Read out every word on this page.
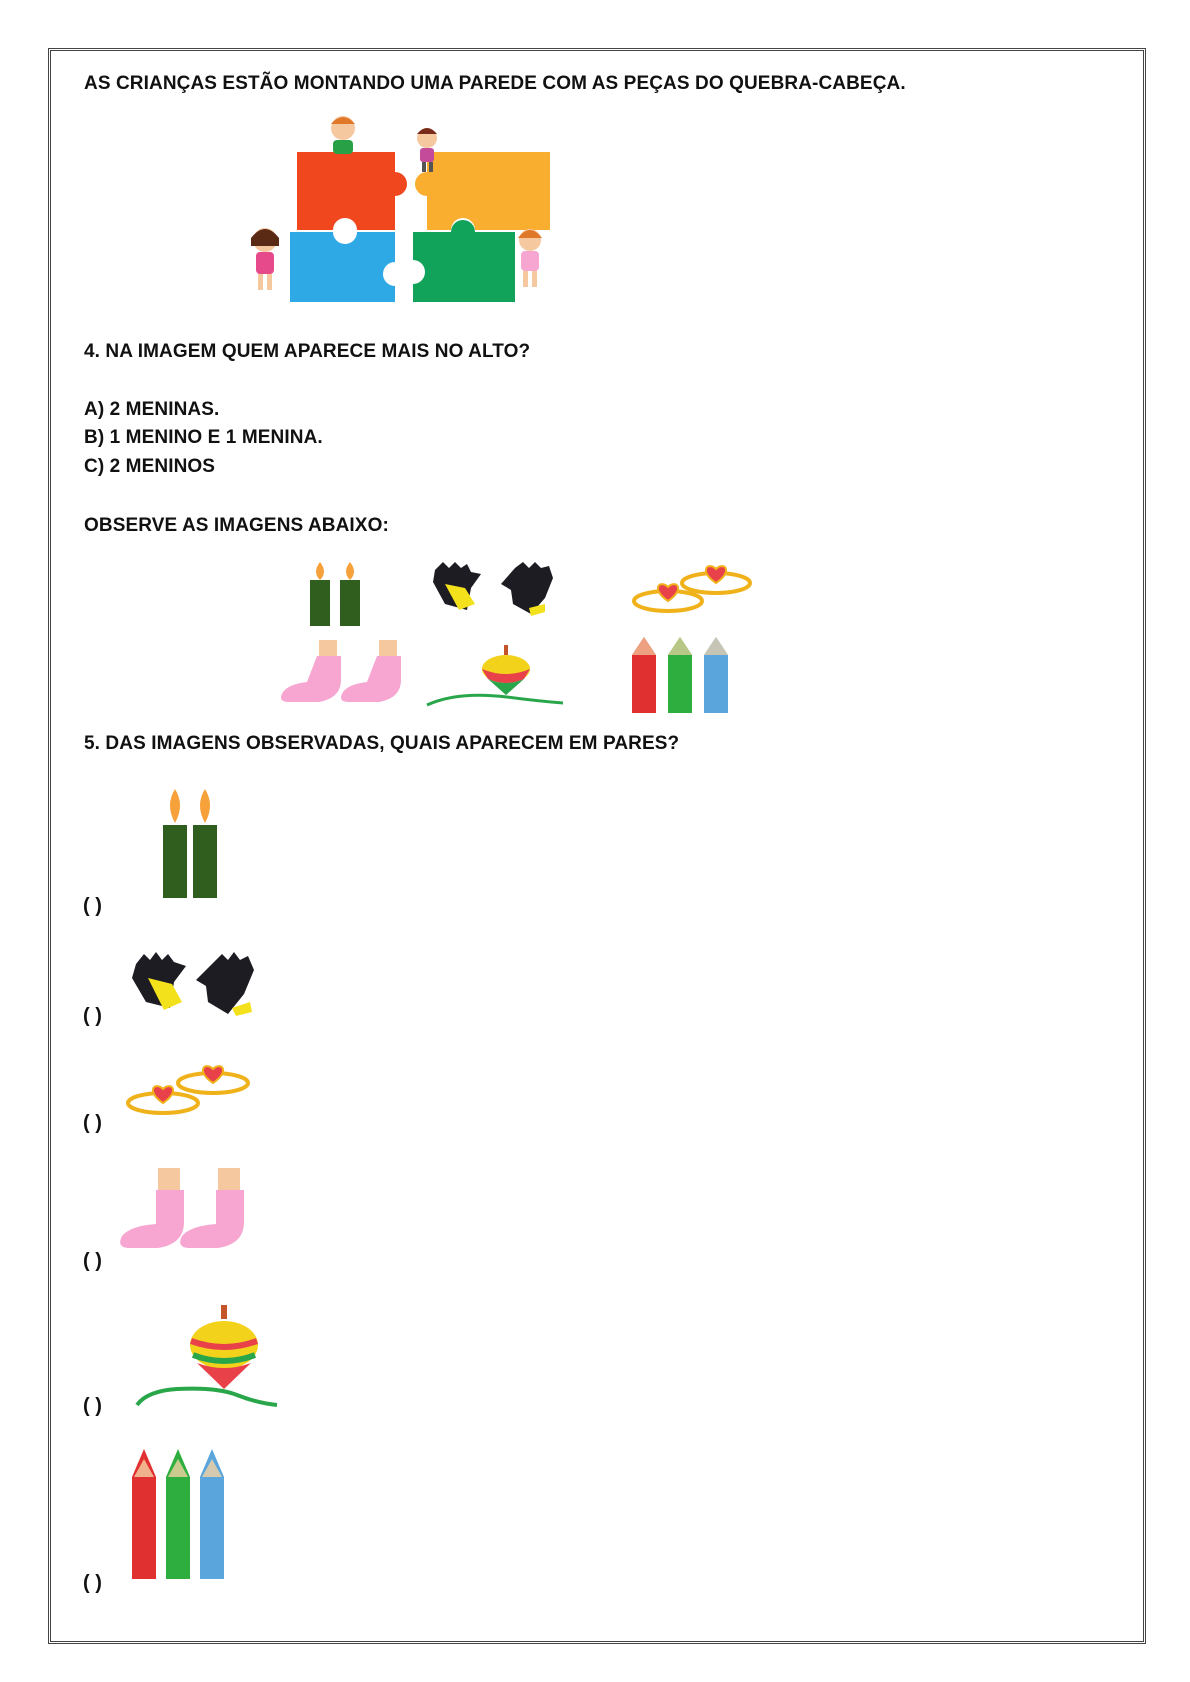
AS CRIANÇAS ESTÃO MONTANDO UMA PAREDE COM AS PEÇAS DO QUEBRA-CABEÇA.
4. NA IMAGEM QUEM APARECE MAIS NO ALTO?
A) 2 MENINAS.
B) 1 MENINO E 1 MENINA.
C) 2 MENINOS
OBSERVE AS IMAGENS ABAIXO:
5. DAS IMAGENS OBSERVADAS, QUAIS APARECEM EM PARES?
( )
( )
( )
( )
( )
( )
